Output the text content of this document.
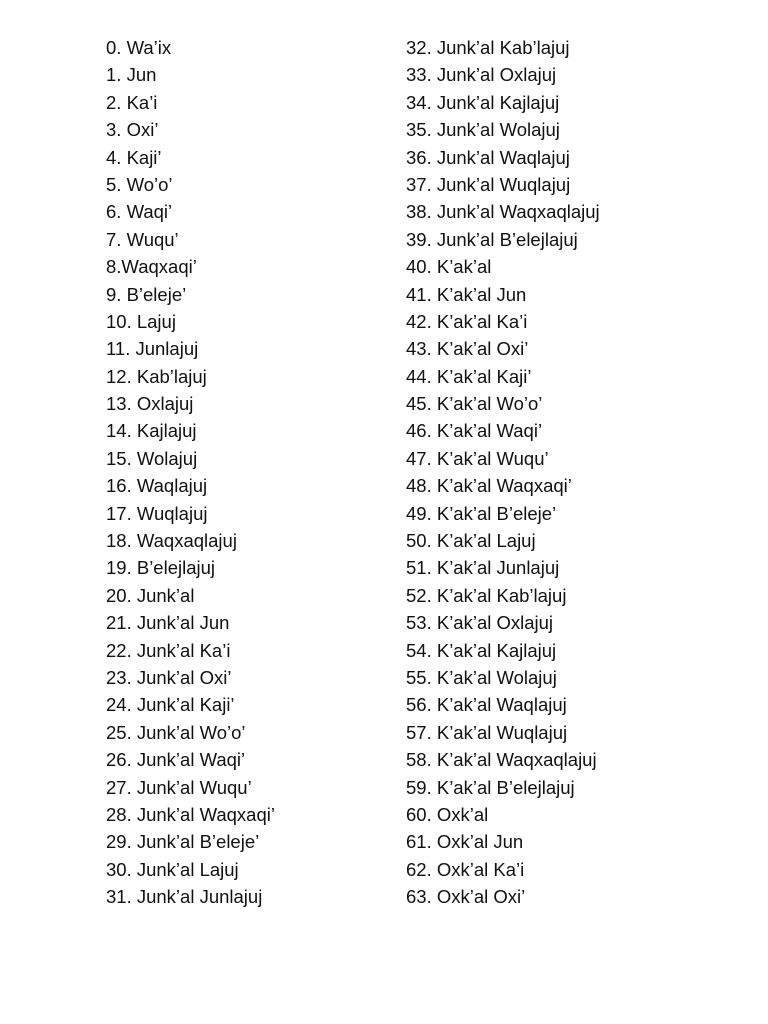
0. Wa’ix
1. Jun
2. Ka’i
3. Oxi’
4. Kaji’
5. Wo’o’
6. Waqi’
7. Wuqu’
8.Waqxaqi’
9. B’eleje’
10. Lajuj
11. Junlajuj
12. Kab’lajuj
13. Oxlajuj
14. Kajlajuj
15. Wolajuj
16. Waqlajuj
17. Wuqlajuj
18. Waqxaqlajuj
19. B’elejlajuj
20. Junk’al
21. Junk’al Jun
22. Junk’al Ka’i
23. Junk’al Oxi’
24. Junk’al Kaji’
25. Junk’al Wo’o’
26. Junk’al Waqi’
27. Junk’al Wuqu’
28. Junk’al Waqxaqi’
29. Junk’al B’eleje’
30. Junk’al Lajuj
31. Junk’al Junlajuj
32. Junk’al Kab’lajuj
33. Junk’al Oxlajuj
34. Junk’al Kajlajuj
35. Junk’al Wolajuj
36. Junk’al Waqlajuj
37. Junk’al Wuqlajuj
38. Junk’al Waqxaqlajuj
39. Junk’al B’elejlajuj
40. K’ak’al
41. K’ak’al Jun
42. K’ak’al Ka’i
43. K’ak’al Oxi’
44. K’ak’al Kaji’
45. K’ak’al Wo’o’
46. K’ak’al Waqi’
47. K’ak’al Wuqu’
48. K’ak’al Waqxaqi’
49. K’ak’al B’eleje’
50. K’ak’al Lajuj
51. K’ak’al Junlajuj
52. K’ak’al Kab’lajuj
53. K’ak’al Oxlajuj
54. K’ak’al Kajlajuj
55. K’ak’al Wolajuj
56. K’ak’al Waqlajuj
57. K’ak’al Wuqlajuj
58. K’ak’al Waqxaqlajuj
59. K’ak’al B’elejlajuj
60. Oxk’al
61. Oxk’al Jun
62. Oxk’al Ka’i
63. Oxk’al Oxi’
